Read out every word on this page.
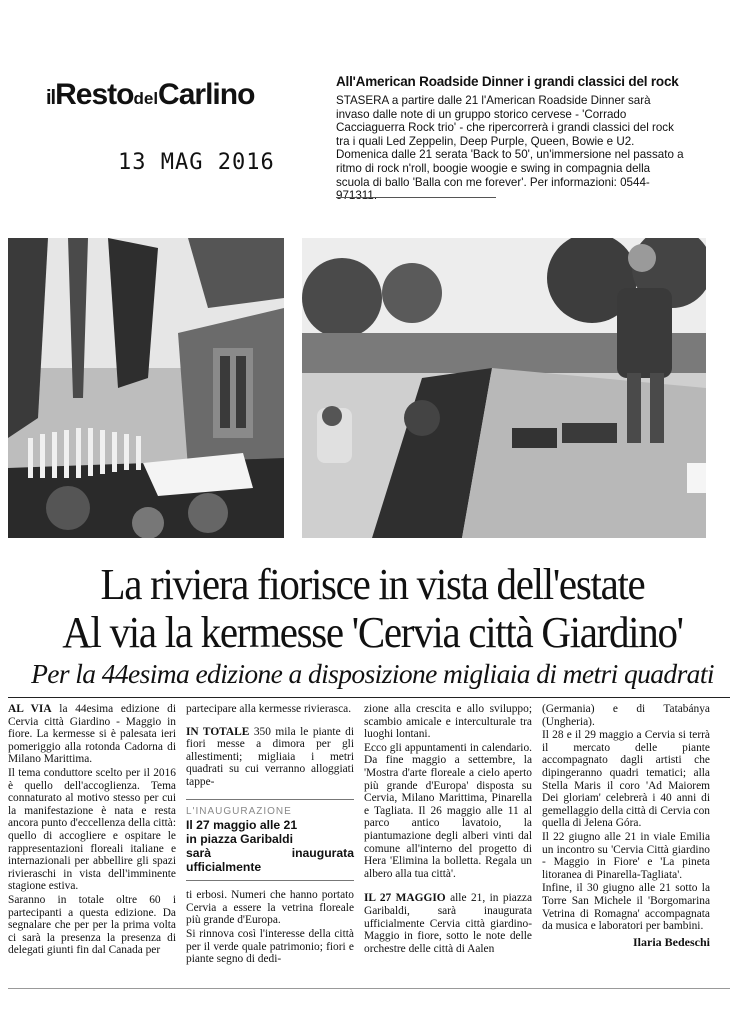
ilRestodelCarlino
13 MAG 2016
All'American Roadside Dinner i grandi classici del rock
STASERA a partire dalle 21 l'American Roadside Dinner sarà invaso dalle note di un gruppo storico cervese - 'Corrado Cacciaguerra Rock trio' - che ripercorrerà i grandi classici del rock tra i quali Led Zeppelin, Deep Purple, Queen, Bowie e U2. Domenica dalle 21 serata 'Back to 50', un'immersione nel passato a ritmo di rock n'roll, boogie woogie e swing in compagnia della scuola di ballo 'Balla con me forever'. Per informazioni: 0544-971311.
La riviera fiorisce in vista dell'estate
Al via la kermesse 'Cervia città Giardino'
Per la 44esima edizione a disposizione migliaia di metri quadrati

AL VIA la 44esima edizione di Cervia città Giardino - Maggio in fiore. La kermesse si è palesata ieri pomeriggio alla rotonda Cadorna di Milano Marittima.

Il tema conduttore scelto per il 2016 è quello dell'accoglienza. Tema connaturato al motivo stesso per cui la manifestazione è nata e resta ancora punto d'eccellenza della città: quello di accogliere e ospitare le rappresentazioni floreali italiane e internazionali per abbellire gli spazi rivieraschi in vista dell'imminente stagione estiva.

Saranno in totale oltre 60 i partecipanti a questa edizione. Da segnalare che per per la prima volta ci sarà la presenza la presenza di delegati giunti fin dal Canada per

partecipare alla kermesse rivierasca.

IN TOTALE 350 mila le piante di fiori messe a dimora per gli allestimenti; migliaia i metri quadrati su cui verranno alloggiati tappe-

L'INAUGURAZIONE
Il 27 maggio alle 21
in piazza Garibaldi
sarà inaugurata ufficialmente

ti erbosi. Numeri che hanno portato Cervia a essere la vetrina floreale più grande d'Europa.

Si rinnova così l'interesse della città per il verde quale patrimonio; fiori e piante segno di dedi-

zione alla crescita e allo sviluppo; scambio amicale e interculturale tra luoghi lontani.

Ecco gli appuntamenti in calendario. Da fine maggio a settembre, la 'Mostra d'arte floreale a cielo aperto più grande d'Europa' disposta su Cervia, Milano Marittima, Pinarella e Tagliata. Il 26 maggio alle 11 al parco antico lavatoio, la piantumazione degli alberi vinti dal comune all'interno del progetto di Hera 'Elimina la bolletta. Regala un albero alla tua città'.

IL 27 MAGGIO alle 21, in piazza Garibaldi, sarà inaugurata ufficialmente Cervia città giardino-Maggio in fiore, sotto le note delle orchestre delle città di Aalen

(Germania) e di Tatabánya (Ungheria).

Il 28 e il 29 maggio a Cervia si terrà il mercato delle piante accompagnato dagli artisti che dipingeranno quadri tematici; alla Stella Maris il coro 'Ad Maiorem Dei gloriam' celebrerà i 40 anni di gemellaggio della città di Cervia con quella di Jelena Góra.

Il 22 giugno alle 21 in viale Emilia un incontro su 'Cervia Città giardino - Maggio in Fiore' e 'La pineta litoranea di Pinarella-Tagliata'.

Infine, il 30 giugno alle 21 sotto la Torre San Michele il 'Borgomarina Vetrina di Romagna' accompagnata da musica e laboratori per bambini.

Ilaria Bedeschi
